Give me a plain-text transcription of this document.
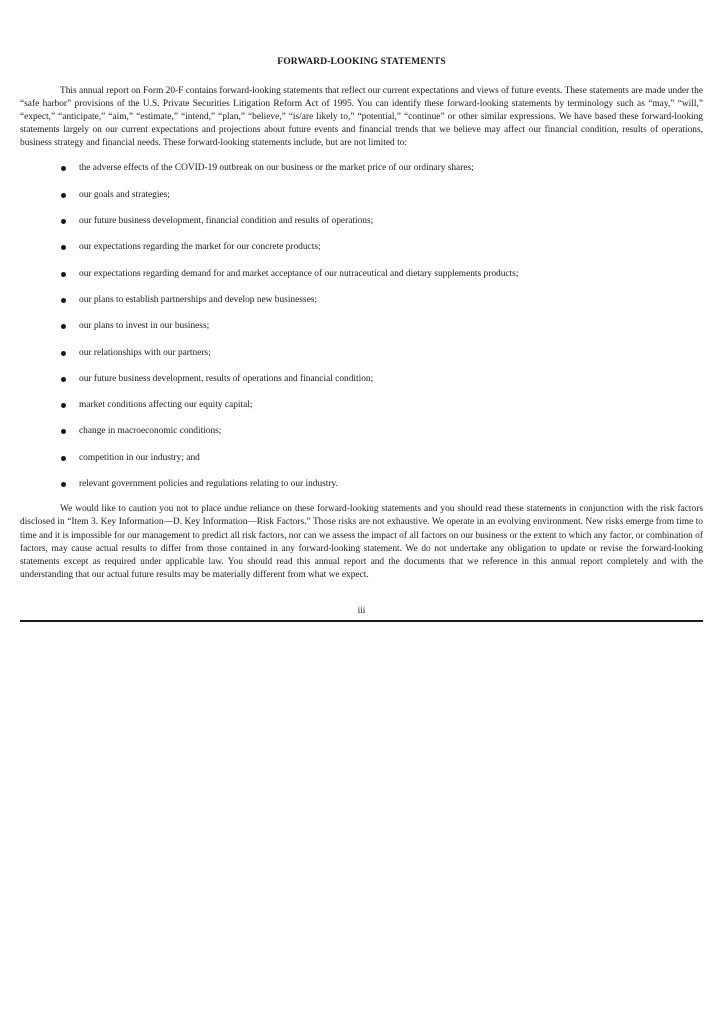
FORWARD-LOOKING STATEMENTS

This annual report on Form 20-F contains forward-looking statements that reflect our current expectations and views of future events. These statements are made under the “safe harbor” provisions of the U.S. Private Securities Litigation Reform Act of 1995. You can identify these forward-looking statements by terminology such as “may,” “will,” “expect,” “anticipate,” “aim,” “estimate,” “intend,” “plan,” “believe,” “is/are likely to,” “potential,” “continue” or other similar expressions. We have based these forward-looking statements largely on our current expectations and projections about future events and financial trends that we believe may affect our financial condition, results of operations, business strategy and financial needs. These forward-looking statements include, but are not limited to:

the adverse effects of the COVID-19 outbreak on our business or the market price of our ordinary shares;
our goals and strategies;
our future business development, financial condition and results of operations;
our expectations regarding the market for our concrete products;
our expectations regarding demand for and market acceptance of our nutraceutical and dietary supplements products;
our plans to establish partnerships and develop new businesses;
our plans to invest in our business;
our relationships with our partners;
our future business development, results of operations and financial condition;
market conditions affecting our equity capital;
change in macroeconomic conditions;
competition in our industry; and
relevant government policies and regulations relating to our industry.

We would like to caution you not to place undue reliance on these forward-looking statements and you should read these statements in conjunction with the risk factors disclosed in “Item 3. Key Information—D. Key Information—Risk Factors.” Those risks are not exhaustive. We operate in an evolving environment. New risks emerge from time to time and it is impossible for our management to predict all risk factors, nor can we assess the impact of all factors on our business or the extent to which any factor, or combination of factors, may cause actual results to differ from those contained in any forward-looking statement. We do not undertake any obligation to update or revise the forward-looking statements except as required under applicable law. You should read this annual report and the documents that we reference in this annual report completely and with the understanding that our actual future results may be materially different from what we expect.

iii
